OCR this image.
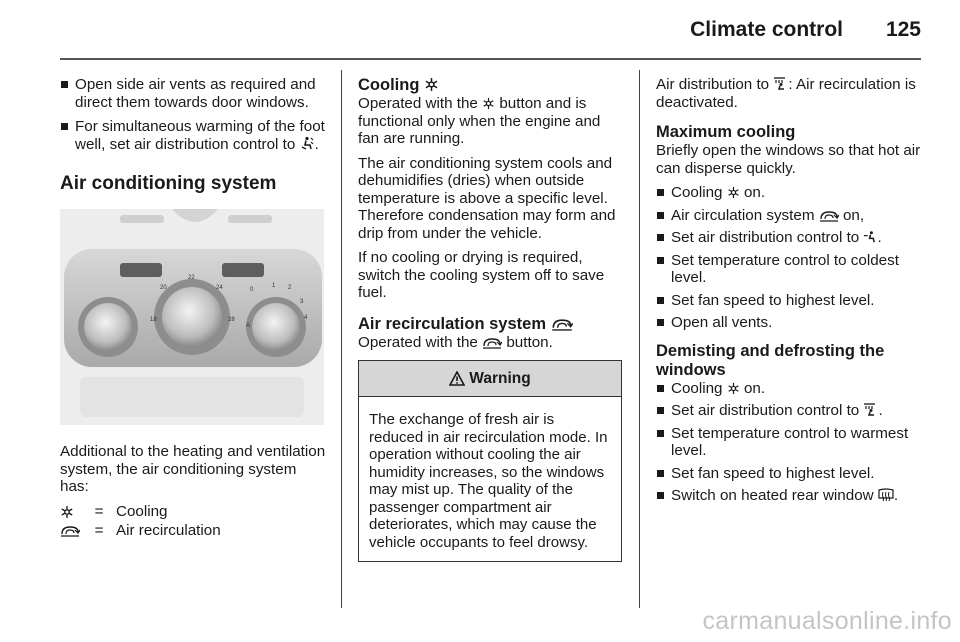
Climate control 125
Open side air vents as required and direct them towards door windows.
For simultaneous warming of the foot well, set air distribution control to .
Air conditioning system
20
22
24
18	28
0
1 2
3
4
A
Additional to the heating and ventilation system, the air conditioning system has:
= Cooling
= Air recirculation
Cooling
Operated with the button and is functional only when the engine and fan are running.
The air conditioning system cools and dehumidifies (dries) when outside temperature is above a specific level. Therefore condensation may form and drip from under the vehicle.
If no cooling or drying is required, switch the cooling system off to save fuel.
Air recirculation system
Operated with the button.
Warning
The exchange of fresh air is reduced in air recirculation mode. In operation without cooling the air humidity increases, so the windows may mist up. The quality of the passenger compartment air deteriorates, which may cause the vehicle occupants to feel drowsy.
Air distribution to : Air recirculation is deactivated.
Maximum cooling
Briefly open the windows so that hot air can disperse quickly.
Cooling on.
Air circulation system on,
Set air distribution control to .
Set temperature control to coldest level.
Set fan speed to highest level.
Open all vents.
Demisting and defrosting the windows
Cooling on.
Set air distribution control to .
Set temperature control to warmest level.
Set fan speed to highest level.
Switch on heated rear window .
carmanualsonline.info
